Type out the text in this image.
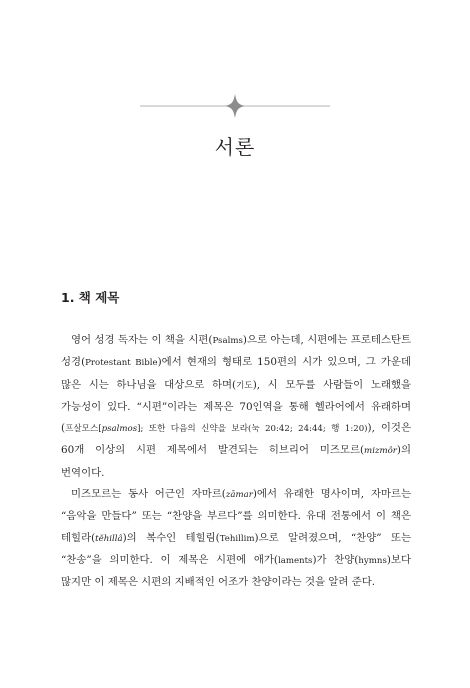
서론
1. 책 제목

영어 성경 독자는 이 책을 시편(Psalms)으로 아는데, 시편에는 프로테스탄트 성경(Protestant Bible)에서 현재의 형태로 150편의 시가 있으며, 그 가운데 많은 시는 하나님을 대상으로 하며(기도), 시 모두를 사람들이 노래했을 가능성이 있다. “시편”이라는 제목은 70인역을 통해 헬라어에서 유래하며(프살모스[psalmos]; 또한 다음의 신약을 보라(눅 20:42; 24:44; 행 1:20)), 이것은 60개 이상의 시편 제목에서 발견되는 히브리어 미즈모르(mizmôr)의 번역이다.

미즈모르는 동사 어근인 자마르(zāmar)에서 유래한 명사이며, 자마르는 “음악을 만들다” 또는 “찬양을 부르다”를 의미한다. 유대 전통에서 이 책은 테힐라(tĕhillâ)의 복수인 테힐림(Tehillim)으로 알려졌으며, “찬양” 또는 “찬송”을 의미한다. 이 제목은 시편에 애가(laments)가 찬양(hymns)보다 많지만 이 제목은 시편의 지배적인 어조가 찬양이라는 것을 알려 준다.
